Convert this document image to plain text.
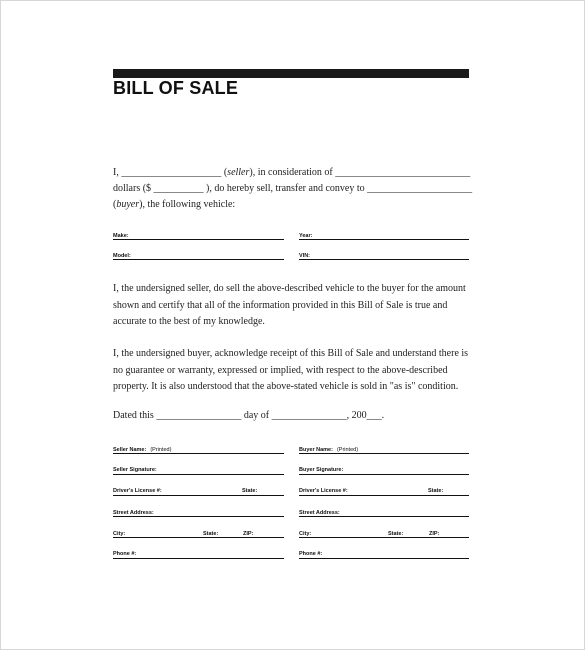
BILL OF SALE
I, ____________________ (seller), in consideration of ___________________________
dollars ($ __________ ), do hereby sell, transfer and convey to _____________________
(buyer), the following vehicle:
Make:	Year:
Model:	VIN:
I, the undersigned seller, do sell the above-described vehicle to the buyer for the amount shown and certify that all of the information provided in this Bill of Sale is true and accurate to the best of my knowledge.
I, the undersigned buyer, acknowledge receipt of this Bill of Sale and understand there is no guarantee or warranty, expressed or implied, with respect to the above-described property. It is also understood that the above-stated vehicle is sold in "as is" condition.
Dated this _________________ day of _______________, 200___.
Seller Name: (Printed)
Seller Signature:
Driver's License #:	State:
Street Address:
City:	State:	ZIP:
Phone #:
Buyer Name: (Printed)
Buyer Signature:
Driver's License #:	State:
Street Address:
City:	State:	ZIP:
Phone #:
